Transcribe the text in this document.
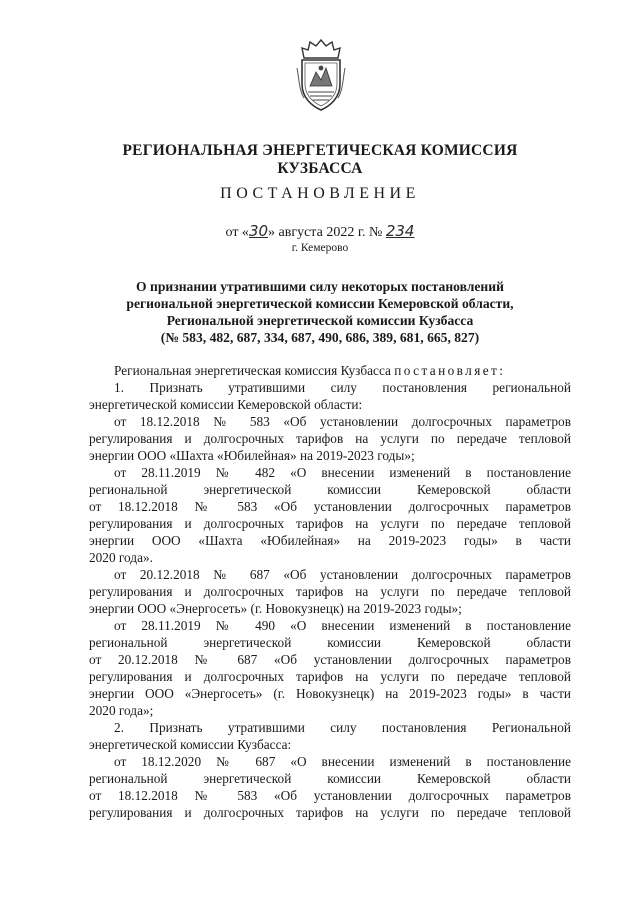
РЕГИОНАЛЬНАЯ ЭНЕРГЕТИЧЕСКАЯ КОМИССИЯ
КУЗБАССА
ПОСТАНОВЛЕНИЕ
от «30» августа 2022 г. № 234
г. Кемерово
О признании утратившими силу некоторых постановлений
региональной энергетической комиссии Кемеровской области,
Региональной энергетической комиссии Кузбасса
(№ 583, 482, 687, 334, 687, 490, 686, 389, 681, 665, 827)
Региональная энергетическая комиссия Кузбасса постановляет:
1. Признать утратившими силу постановления региональной
энергетической комиссии Кемеровской области:
от 18.12.2018 № 583 «Об установлении долгосрочных параметров
регулирования и долгосрочных тарифов на услуги по передаче тепловой
энергии ООО «Шахта «Юбилейная» на 2019-2023 годы»;
от 28.11.2019 № 482 «О внесении изменений в постановление
региональной энергетической комиссии Кемеровской области
от 18.12.2018 № 583 «Об установлении долгосрочных параметров
регулирования и долгосрочных тарифов на услуги по передаче тепловой
энергии ООО «Шахта «Юбилейная» на 2019-2023 годы» в части
2020 года».
от 20.12.2018 № 687 «Об установлении долгосрочных параметров
регулирования и долгосрочных тарифов на услуги по передаче тепловой
энергии ООО «Энергосеть» (г. Новокузнецк) на 2019-2023 годы»;
от 28.11.2019 № 490 «О внесении изменений в постановление
региональной энергетической комиссии Кемеровской области
от 20.12.2018 № 687 «Об установлении долгосрочных параметров
регулирования и долгосрочных тарифов на услуги по передаче тепловой
энергии ООО «Энергосеть» (г. Новокузнецк) на 2019-2023 годы» в части
2020 года»;
2. Признать утратившими силу постановления Региональной
энергетической комиссии Кузбасса:
от 18.12.2020 № 687 «О внесении изменений в постановление
региональной энергетической комиссии Кемеровской области
от 18.12.2018 № 583 «Об установлении долгосрочных параметров
регулирования и долгосрочных тарифов на услуги по передаче тепловой
